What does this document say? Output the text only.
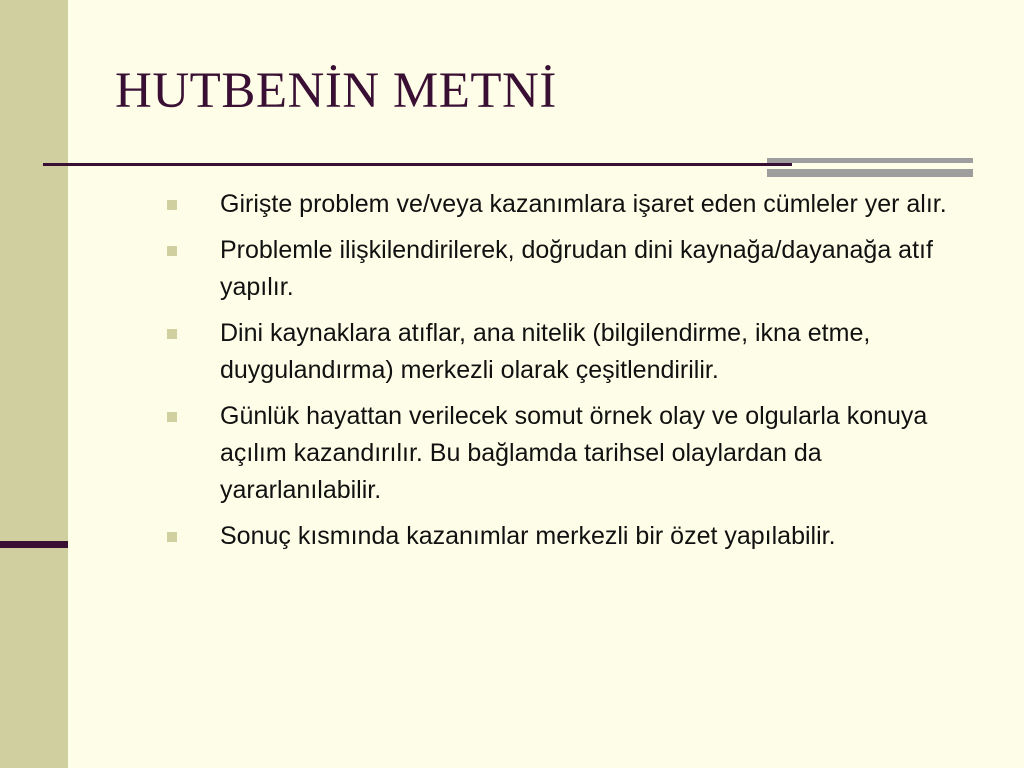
HUTBENİN METNİ
Girişte problem ve/veya kazanımlara işaret eden cümleler yer alır.
Problemle ilişkilendirilerek, doğrudan dini kaynağa/dayanağa atıf yapılır.
Dini kaynaklara atıflar, ana nitelik (bilgilendirme, ikna etme, duygulandırma) merkezli olarak çeşitlendirilir.
Günlük hayattan verilecek somut örnek olay ve olgularla konuya açılım kazandırılır. Bu bağlamda tarihsel olaylardan da yararlanılabilir.
Sonuç kısmında kazanımlar merkezli bir özet yapılabilir.
